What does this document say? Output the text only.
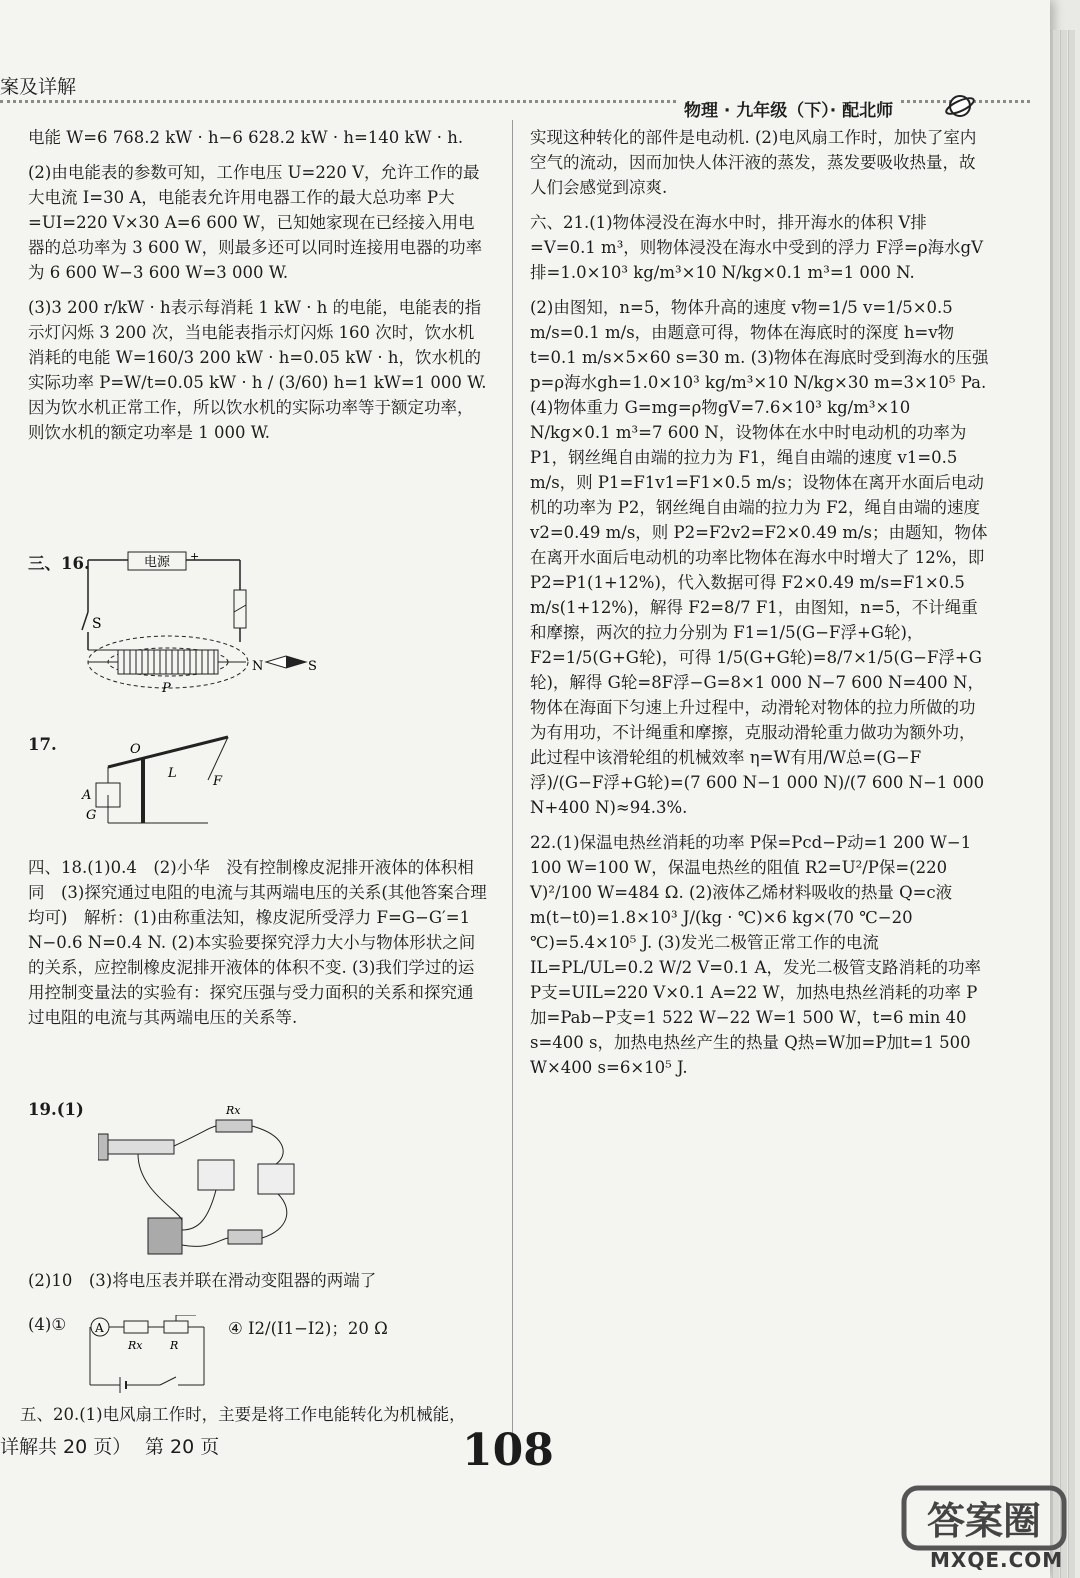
案及详解
物理 · 九年级（下）· 配北师

电能 W=6 768.2 kW · h−6 628.2 kW · h=140 kW · h.

(2)由电能表的参数可知，工作电压 U=220 V，允许工作的最大电流 I=30 A，电能表允许用电器工作的最大总功率 P大=UI=220 V×30 A=6 600 W，已知她家现在已经接入用电器的总功率为 3 600 W，则最多还可以同时连接用电器的功率为 6 600 W−3 600 W=3 000 W.

(3)3 200 r/kW · h表示每消耗 1 kW · h 的电能，电能表的指示灯闪烁 3 200 次，当电能表指示灯闪烁 160 次时，饮水机消耗的电能 W=160/3 200 kW · h=0.05 kW · h，饮水机的实际功率 P=W/t=0.05 kW · h / (3/60) h=1 kW=1 000 W. 因为饮水机正常工作，所以饮水机的实际功率等于额定功率，则饮水机的额定功率是 1 000 W.

三、16.	电源 +
S
P
N	S
17.	O
L
F
A
G

四、18.(1)0.4　(2)小华　没有控制橡皮泥排开液体的体积相同　(3)探究通过电阻的电流与其两端电压的关系(其他答案合理均可)　解析：(1)由称重法知，橡皮泥所受浮力 F=G−G′=1 N−0.6 N=0.4 N. (2)本实验要探究浮力大小与物体形状之间的关系，应控制橡皮泥排开液体的体积不变. (3)我们学过的运用控制变量法的实验有：探究压强与受力面积的关系和探究通过电阻的电流与其两端电压的关系等.

19.(1)	Rx

(2)10　(3)将电压表并联在滑动变阻器的两端了

(4)① A
Rx	R
④ I2/(I1−I2)；20 Ω

五、20.(1)电风扇工作时，主要是将工作电能转化为机械能，

实现这种转化的部件是电动机. (2)电风扇工作时，加快了室内空气的流动，因而加快人体汗液的蒸发，蒸发要吸收热量，故人们会感觉到凉爽.

六、21.(1)物体浸没在海水中时，排开海水的体积 V排=V=0.1 m³，则物体浸没在海水中受到的浮力 F浮=ρ海水gV排=1.0×10³ kg/m³×10 N/kg×0.1 m³=1 000 N.

(2)由图知，n=5，物体升高的速度 v物=1/5 v=1/5×0.5 m/s=0.1 m/s，由题意可得，物体在海底时的深度 h=v物t=0.1 m/s×5×60 s=30 m. (3)物体在海底时受到海水的压强 p=ρ海水gh=1.0×10³ kg/m³×10 N/kg×30 m=3×10⁵ Pa. (4)物体重力 G=mg=ρ物gV=7.6×10³ kg/m³×10 N/kg×0.1 m³=7 600 N，设物体在水中时电动机的功率为 P1，钢丝绳自由端的拉力为 F1，绳自由端的速度 v1=0.5 m/s，则 P1=F1v1=F1×0.5 m/s；设物体在离开水面后电动机的功率为 P2，钢丝绳自由端的拉力为 F2，绳自由端的速度 v2=0.49 m/s，则 P2=F2v2=F2×0.49 m/s；由题知，物体在离开水面后电动机的功率比物体在海水中时增大了 12%，即 P2=P1(1+12%)，代入数据可得 F2×0.49 m/s=F1×0.5 m/s(1+12%)，解得 F2=8/7 F1，由图知，n=5，不计绳重和摩擦，两次的拉力分别为 F1=1/5(G−F浮+G轮)，F2=1/5(G+G轮)，可得 1/5(G+G轮)=8/7×1/5(G−F浮+G轮)，解得 G轮=8F浮−G=8×1 000 N−7 600 N=400 N，物体在海面下匀速上升过程中，动滑轮对物体的拉力所做的功为有用功，不计绳重和摩擦，克服动滑轮重力做功为额外功，此过程中该滑轮组的机械效率 η=W有用/W总=(G−F浮)/(G−F浮+G轮)=(7 600 N−1 000 N)/(7 600 N−1 000 N+400 N)≈94.3%.

22.(1)保温电热丝消耗的功率 P保=Pcd−P动=1 200 W−1 100 W=100 W，保温电热丝的阻值 R2=U²/P保=(220 V)²/100 W=484 Ω. (2)液体乙烯材料吸收的热量 Q=c液m(t−t0)=1.8×10³ J/(kg · ℃)×6 kg×(70 ℃−20 ℃)=5.4×10⁵ J. (3)发光二极管正常工作的电流 IL=PL/UL=0.2 W/2 V=0.1 A，发光二极管支路消耗的功率 P支=UIL=220 V×0.1 A=22 W，加热电热丝消耗的功率 P加=Pab−P支=1 522 W−22 W=1 500 W，t=6 min 40 s=400 s，加热电热丝产生的热量 Q热=W加=P加t=1 500 W×400 s=6×10⁵ J.

详解共 20 页） 第 20 页	108
答案圈
MXQE.COM
